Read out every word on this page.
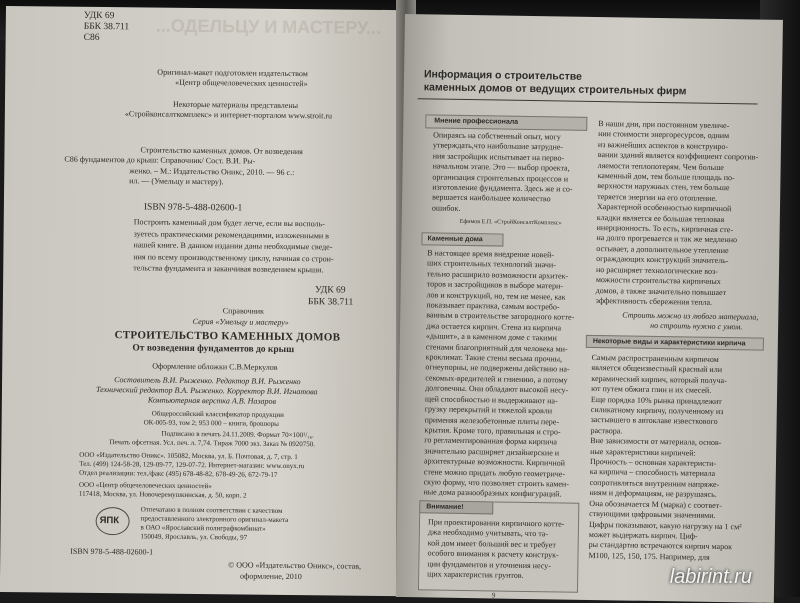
...ОДЕЛЬЦУ И МАСТЕРУ...
УДК 69
ББК 38.711
С86
Оригинал-макет подготовлен издательством
«Центр общечеловеческих ценностей»
Некоторые материалы представлены
«Стройконсалткомплекс» и интернет-порталом www.stroit.ru

Строительство каменных домов. От возведения

С86 фундаментов до крыш: Справочник/ Сост. В.И. Ры-

женко. – М.: Издательство Оникс, 2010. — 96 с.:

ил. — (Умельцу и мастеру).

ISBN 978-5-488-02600-1

Построить каменный дом будет легче, если вы восполь-

зуетесь практическими рекомендациями, изложенными в

нашей книге. В данном издании даны необходимые сведе-

ния по всему производственному циклу, начиная со строи-

тельства фундамента и заканчивая возведением крыши.

УДК 69
ББК 38.711
Справочник
Серия «Умельцу и мастеру»
СТРОИТЕЛЬСТВО КАМЕННЫХ ДОМОВ
От возведения фундаментов до крыш
Оформление обложки С.В.Меркулов
Составитель В.И. Рыженко. Редактор В.И. Рыженко
Технический редактор В.А. Рыженко. Корректор В.И. Игнатова
Компьютерная верстка А.В. Назаров
Общероссийский классификатор продукции
ОК-005-93, том 2; 953 000 – книги, брошюры
Подписано в печать 24.11.2009. Формат 70×100¹/₁₆.
Печать офсетная. Усл. печ. л. 7,74. Тираж 7000 экз. Заказ № 0920750.
ООО «Издательство Оникс». 105082, Москва, ул. Б. Почтовая, д. 7, стр. 1
Тел. (499) 124-58-28, 129-09-77, 129-07-72. Интернет-магазин: www.onyx.ru
Отдел реализации: тел./факс (495) 678-48-82, 678-49-26, 672-79-17
ООО «Центр общечеловеческих ценностей»
117418, Москва, ул. Новочеремушкинская, д. 50, корп. 2
ЯПК
Отпечатано в полном соответствии с качеством
предоставленного электронного оригинал-макета
в ОАО «Ярославский полиграфкомбинат»
150049, Ярославль, ул. Свободы, 97
ISBN 978-5-488-02600-1
© ООО «Издательство Оникс», состав,
оформление, 2010
Информация о строительстве
каменных домов от ведущих строительных фирм
Мнение профессионала

Опираясь на собственный опыт, могу

утверждать,что наибольшие затрудне-

ния застройщик испытывает на перво-

начальном этапе. Это — выбор проекта,

организация строительных процессов и

изготовление фундамента. Здесь же и со-

вершается наибольшее количество

ошибок.

Ефимов Е.П. «СтройКонсалтКомплекс»

В наши дни, при постоянном увеличе-

нии стоимости энергоресурсов, одним

из важнейших аспектов в конструиро-

вании зданий является коэффициент сопротив-

ляемости теплопотерям. Чем больше

каменный дом, тем больше площадь по-

верхности наружных стен, тем больше

теряется энергии на его отопление.

Характерной особенностью кирпичной

кладки является ее большая тепловая

инерционность. То есть, кирпичная сте-

на долго прогревается и так же медленно

остывает, а дополнительное утепление

ограждающих конструкций значитель-

но расширяет технологические воз-

можности строительства кирпичных

домов, а также значительно повышает

эффективность сбережения тепла.

Строить можно из любого материала,
но строить нужно с умом.
Каменные дома

В настоящее время внедрение новей-

ших строительных технологий значи-

тельно расширило возможности архитек-

торов и застройщиков в выборе матери-

лов и конструкций, но, тем не менее, как

показывает практика, самым востребо-

ванным в строительстве загородного котте-

джа остается кирпич. Стена из кирпича

«дышит», а в каменном доме с такими

стенами благоприятный для человека ми-

кроклимат. Такие стены весьма прочны,

огнеупорны, не подвержены действию на-

секомых-вредителей и гниению, а потому

долговечны. Они обладают высокой несу-

щей способностью и выдерживают на-

грузку перекрытий и тяжелой кровли

применяя железобетонные плиты пере-

крытия. Кроме того, правильная и стро-

го регламентированная форма кирпича

значительно расширяет дизайнерские и

архитектурные возможности. Кирпичной

стене можно придать любую геометриче-

скую форму, что позволяет строить камен-

ные дома разнообразных конфигураций.

Некоторые виды и характеристики кирпича

Самым распространенным кирпичом

является общеизвестный красный или

керамический кирпич, который получа-

ют путем обжига глин и их смесей.

Еще порядка 10% рынка принадлежит

силикатному кирпичу, полученному из

застывшего в автоклаве известкового

раствора.

Вне зависимости от материала, основ-

ные характеристики кирпичей:

Прочность – основная характеристи-

ка кирпича – способность материала

сопротивляться внутренним напряже-

ниям и деформациям, не разрушаясь.

Она обозначается М (марка) с соответ-

ствующими цифровыми значениями.

Цифры показывают, какую нагрузку на 1 см²

может выдержать кирпич. Циф-

ры стандартно встречаются кирпич марок

М100, 125, 150, 175. Например, для

Внимание!

При проектировании кирпичного котте-

джа необходимо учитывать, что та-

кой дом имеет больший вес и требует

особого внимания к расчету конструк-

ции фундаментов и уточнения несу-

щих характеристик грунтов.

9
labirint.ru
